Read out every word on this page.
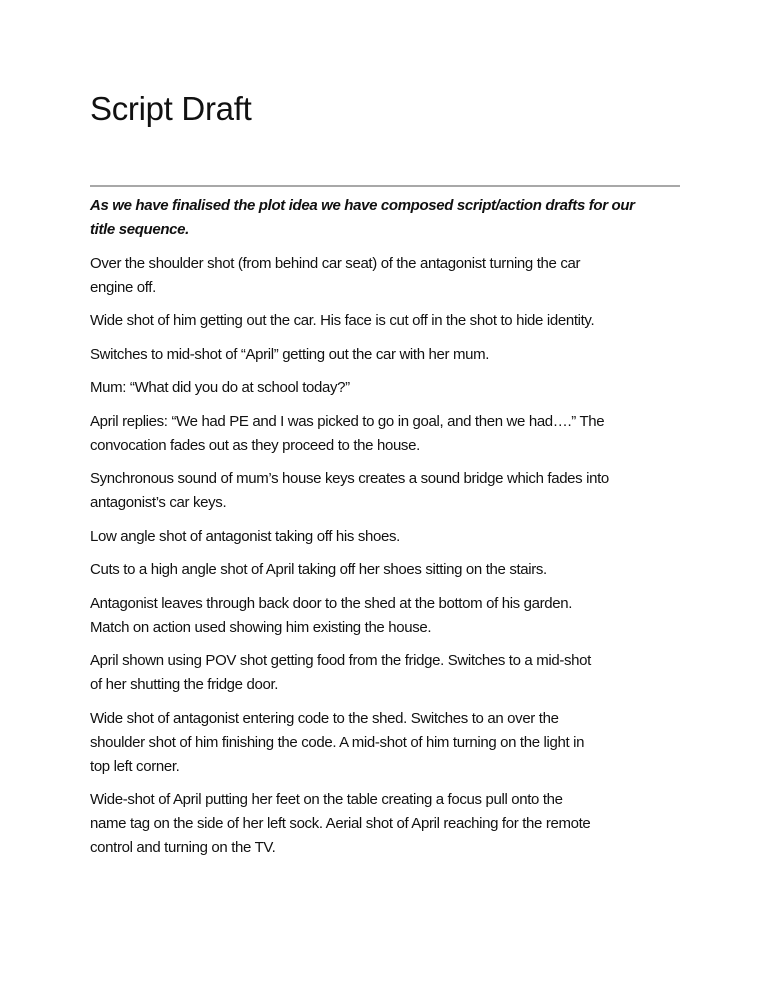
Script Draft

As we have finalised the plot idea we have composed script/action drafts for our
title sequence.

Over the shoulder shot (from behind car seat) of the antagonist turning the car
engine off.

Wide shot of him getting out the car. His face is cut off in the shot to hide identity.

Switches to mid-shot of “April” getting out the car with her mum.

Mum: “What did you do at school today?”

April replies: “We had PE and I was picked to go in goal, and then we had….” The
convocation fades out as they proceed to the house.

Synchronous sound of mum’s house keys creates a sound bridge which fades into
antagonist’s car keys.

Low angle shot of antagonist taking off his shoes.

Cuts to a high angle shot of April taking off her shoes sitting on the stairs.

Antagonist leaves through back door to the shed at the bottom of his garden.
Match on action used showing him existing the house.

April shown using POV shot getting food from the fridge. Switches to a mid-shot
of her shutting the fridge door.

Wide shot of antagonist entering code to the shed. Switches to an over the
shoulder shot of him finishing the code. A mid-shot of him turning on the light in
top left corner.

Wide-shot of April putting her feet on the table creating a focus pull onto the
name tag on the side of her left sock. Aerial shot of April reaching for the remote
control and turning on the TV.
